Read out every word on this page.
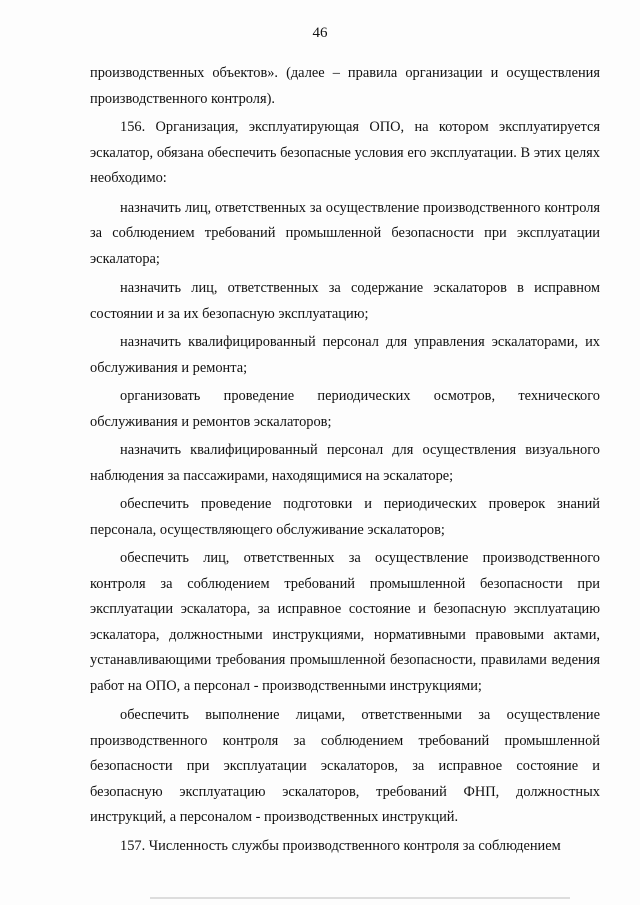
46

производственных объектов». (далее – правила организации и осуществления производственного контроля).

156. Организация, эксплуатирующая ОПО, на котором эксплуатируется эскалатор, обязана обеспечить безопасные условия его эксплуатации. В этих целях необходимо:

назначить лиц, ответственных за осуществление производственного контроля за соблюдением требований промышленной безопасности при эксплуатации эскалатора;

назначить лиц, ответственных за содержание эскалаторов в исправном состоянии и за их безопасную эксплуатацию;

назначить квалифицированный персонал для управления эскалаторами, их обслуживания и ремонта;

организовать проведение периодических осмотров, технического обслуживания и ремонтов эскалаторов;

назначить квалифицированный персонал для осуществления визуального наблюдения за пассажирами, находящимися на эскалаторе;

обеспечить проведение подготовки и периодических проверок знаний персонала, осуществляющего обслуживание эскалаторов;

обеспечить лиц, ответственных за осуществление производственного контроля за соблюдением требований промышленной безопасности при эксплуатации эскалатора, за исправное состояние и безопасную эксплуатацию эскалатора, должностными инструкциями, нормативными правовыми актами, устанавливающими требования промышленной безопасности, правилами ведения работ на ОПО, а персонал - производственными инструкциями;

обеспечить выполнение лицами, ответственными за осуществление производственного контроля за соблюдением требований промышленной безопасности при эксплуатации эскалаторов, за исправное состояние и безопасную эксплуатацию эскалаторов, требований ФНП, должностных инструкций, а персоналом - производственных инструкций.

157. Численность службы производственного контроля за соблюдением
